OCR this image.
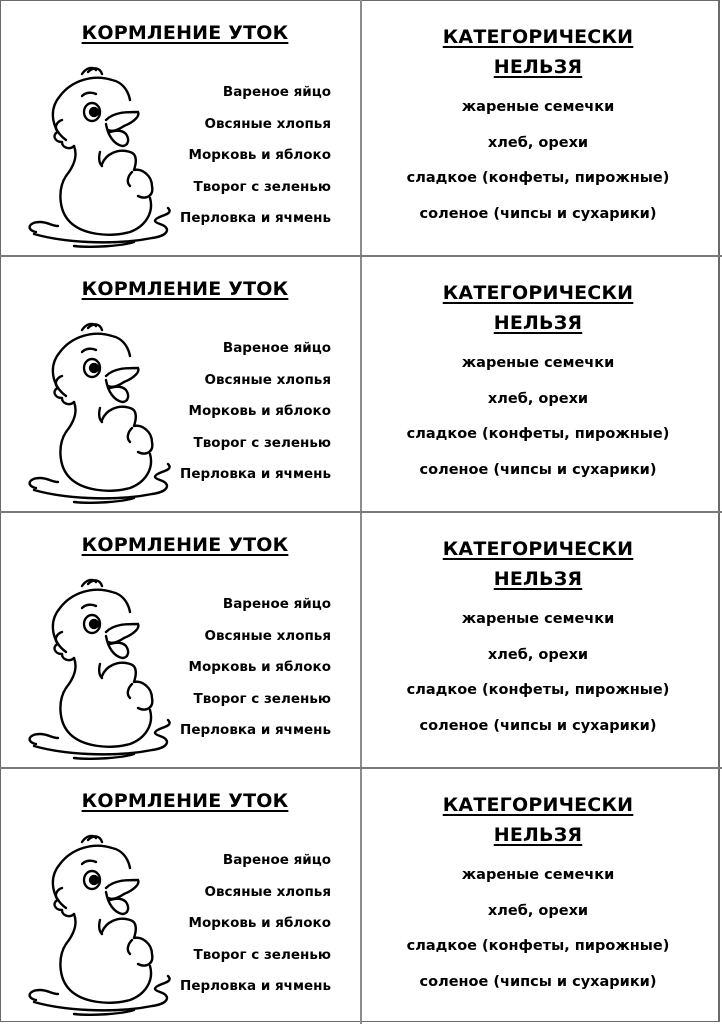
КОРМЛЕНИЕ УТОК
Вареное яйцо
Овсяные хлопья
Морковь и яблоко
Творог с зеленью
Перловка и ячмень
КАТЕГОРИЧЕСКИ
НЕЛЬЗЯ
жареные семечки
хлеб, орехи
сладкое (конфеты, пирожные)
соленое (чипсы и сухарики)
КОРМЛЕНИЕ УТОК
Вареное яйцо
Овсяные хлопья
Морковь и яблоко
Творог с зеленью
Перловка и ячмень
КАТЕГОРИЧЕСКИ
НЕЛЬЗЯ
жареные семечки
хлеб, орехи
сладкое (конфеты, пирожные)
соленое (чипсы и сухарики)
КОРМЛЕНИЕ УТОК
Вареное яйцо
Овсяные хлопья
Морковь и яблоко
Творог с зеленью
Перловка и ячмень
КАТЕГОРИЧЕСКИ
НЕЛЬЗЯ
жареные семечки
хлеб, орехи
сладкое (конфеты, пирожные)
соленое (чипсы и сухарики)
КОРМЛЕНИЕ УТОК
Вареное яйцо
Овсяные хлопья
Морковь и яблоко
Творог с зеленью
Перловка и ячмень
КАТЕГОРИЧЕСКИ
НЕЛЬЗЯ
жареные семечки
хлеб, орехи
сладкое (конфеты, пирожные)
соленое (чипсы и сухарики)
